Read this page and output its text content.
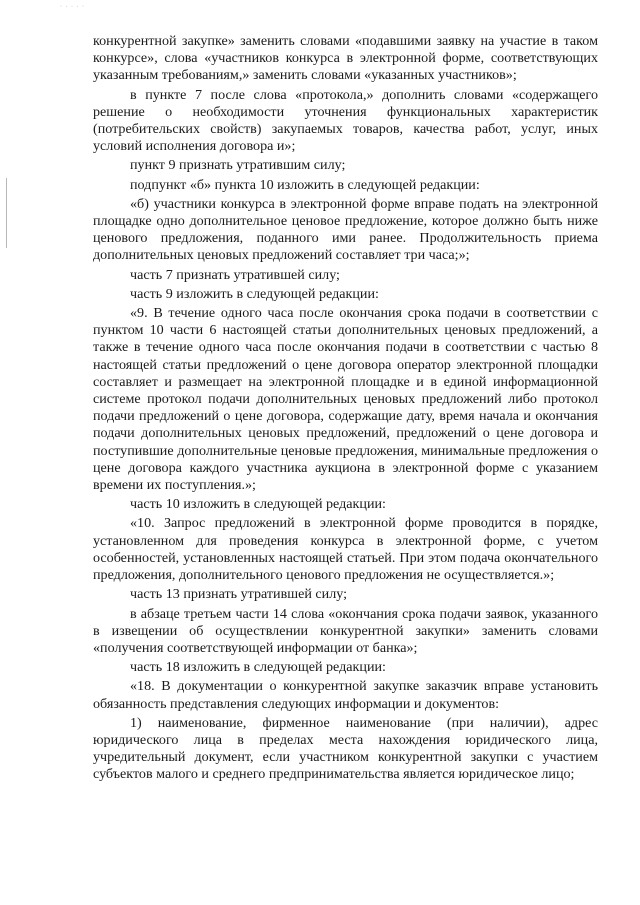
· · · · ·

конкурентной закупке» заменить словами «подавшими заявку на участие в таком конкурсе», слова «участников конкурса в электронной форме, соответствующих указанным требованиям,» заменить словами «указанных участников»;

в пункте 7 после слова «протокола,» дополнить словами «содержащего решение о необходимости уточнения функциональных характеристик (потребительских свойств) закупаемых товаров, качества работ, услуг, иных условий исполнения договора и»;

пункт 9 признать утратившим силу;

подпункт «б» пункта 10 изложить в следующей редакции:

«б) участники конкурса в электронной форме вправе подать на электронной площадке одно дополнительное ценовое предложение, которое должно быть ниже ценового предложения, поданного ими ранее. Продолжительность приема дополнительных ценовых предложений составляет три часа;»;

часть 7 признать утратившей силу;

часть 9 изложить в следующей редакции:

«9. В течение одного часа после окончания срока подачи в соответствии с пунктом 10 части 6 настоящей статьи дополнительных ценовых предложений, а также в течение одного часа после окончания подачи в соответствии с частью 8 настоящей статьи предложений о цене договора оператор электронной площадки составляет и размещает на электронной площадке и в единой информационной системе протокол подачи дополнительных ценовых предложений либо протокол подачи предложений о цене договора, содержащие дату, время начала и окончания подачи дополнительных ценовых предложений, предложений о цене договора и поступившие дополнительные ценовые предложения, минимальные предложения о цене договора каждого участника аукциона в электронной форме с указанием времени их поступления.»;

часть 10 изложить в следующей редакции:

«10. Запрос предложений в электронной форме проводится в порядке, установленном для проведения конкурса в электронной форме, с учетом особенностей, установленных настоящей статьей. При этом подача окончательного предложения, дополнительного ценового предложения не осуществляется.»;

часть 13 признать утратившей силу;

в абзаце третьем части 14 слова «окончания срока подачи заявок, указанного в извещении об осуществлении конкурентной закупки» заменить словами «получения соответствующей информации от банка»;

часть 18 изложить в следующей редакции:

«18. В документации о конкурентной закупке заказчик вправе установить обязанность представления следующих информации и документов:

1) наименование, фирменное наименование (при наличии), адрес юридического лица в пределах места нахождения юридического лица, учредительный документ, если участником конкурентной закупки с участием субъектов малого и среднего предпринимательства является юридическое лицо;
